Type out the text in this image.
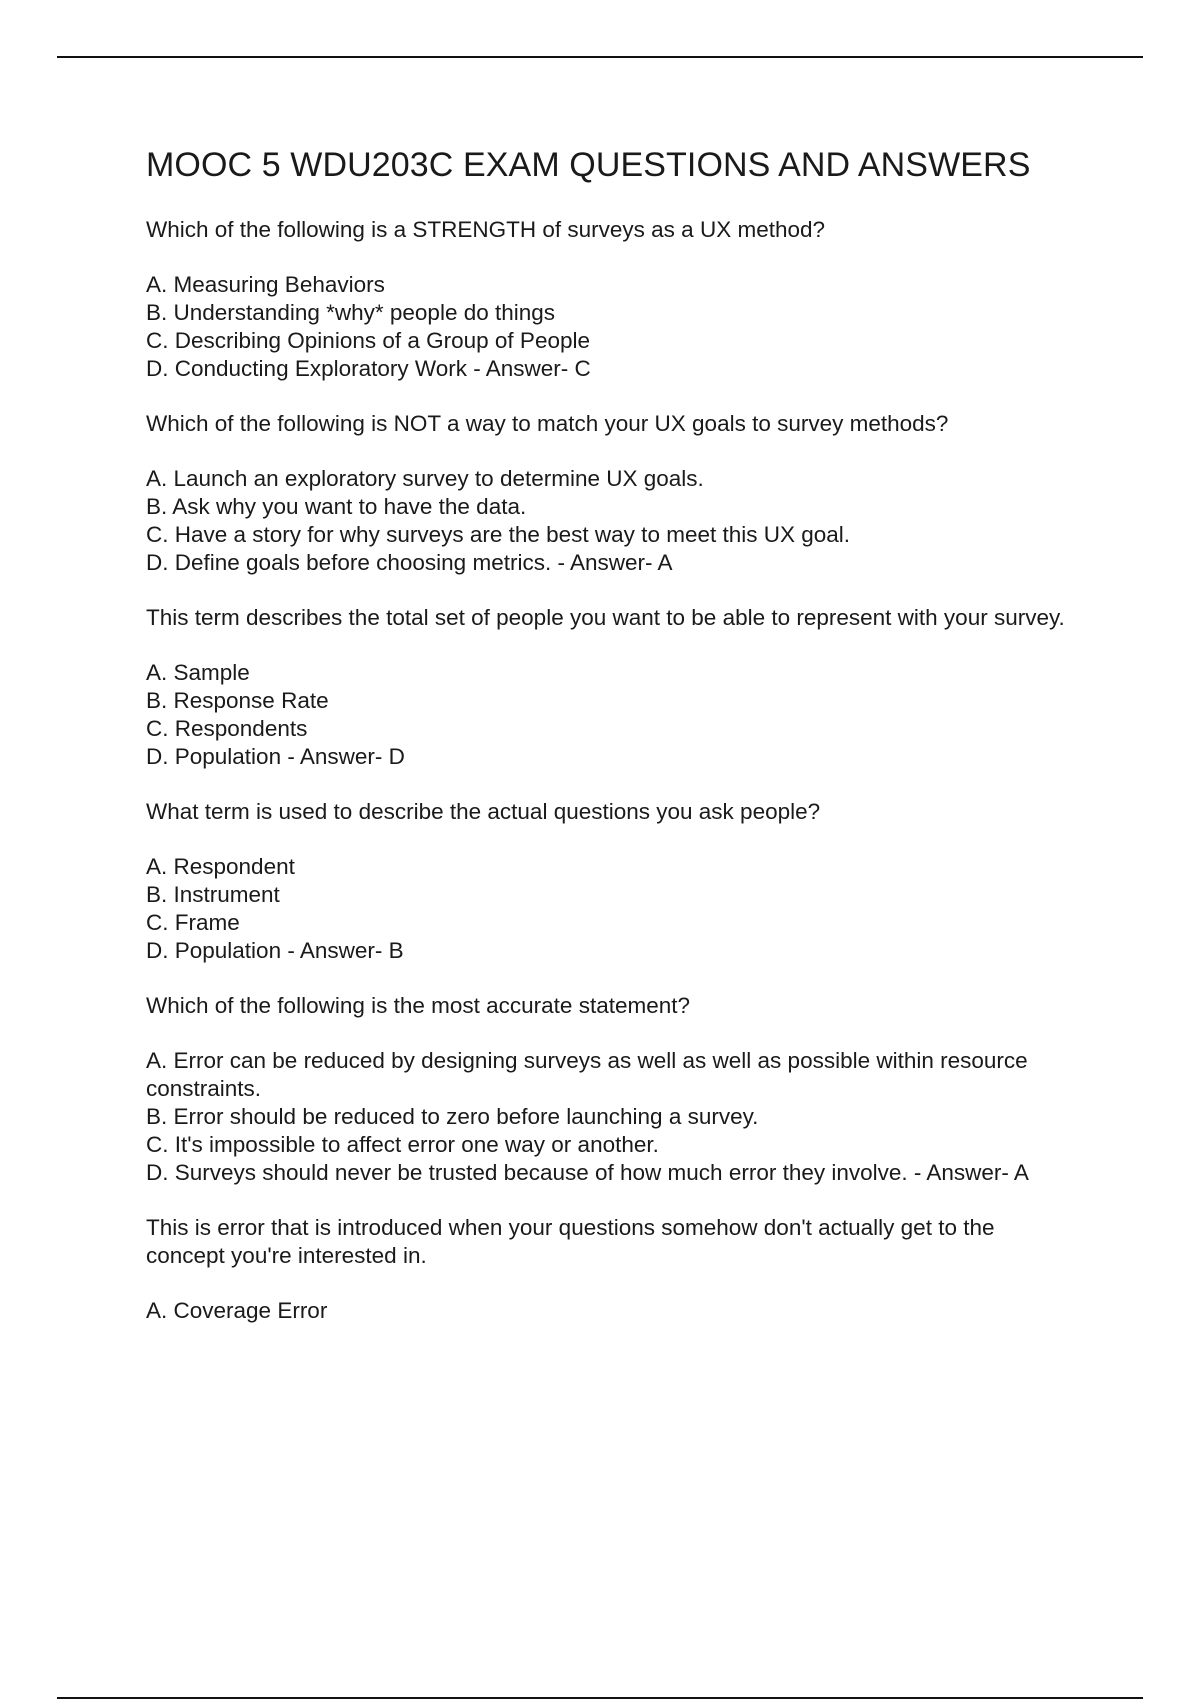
MOOC 5 WDU203C EXAM QUESTIONS AND ANSWERS

Which of the following is a STRENGTH of surveys as a UX method?

A. Measuring Behaviors
B. Understanding *why* people do things
C. Describing Opinions of a Group of People
D. Conducting Exploratory Work - Answer- C

Which of the following is NOT a way to match your UX goals to survey methods?

A. Launch an exploratory survey to determine UX goals.
B. Ask why you want to have the data.
C. Have a story for why surveys are the best way to meet this UX goal.
D. Define goals before choosing metrics. - Answer- A

This term describes the total set of people you want to be able to represent with your survey.

A. Sample
B. Response Rate
C. Respondents
D. Population - Answer- D

What term is used to describe the actual questions you ask people?

A. Respondent
B. Instrument
C. Frame
D. Population - Answer- B

Which of the following is the most accurate statement?

A. Error can be reduced by designing surveys as well as well as possible within resource constraints.
B. Error should be reduced to zero before launching a survey.
C. It's impossible to affect error one way or another.
D. Surveys should never be trusted because of how much error they involve. - Answer- A

This is error that is introduced when your questions somehow don't actually get to the concept you're interested in.

A. Coverage Error
